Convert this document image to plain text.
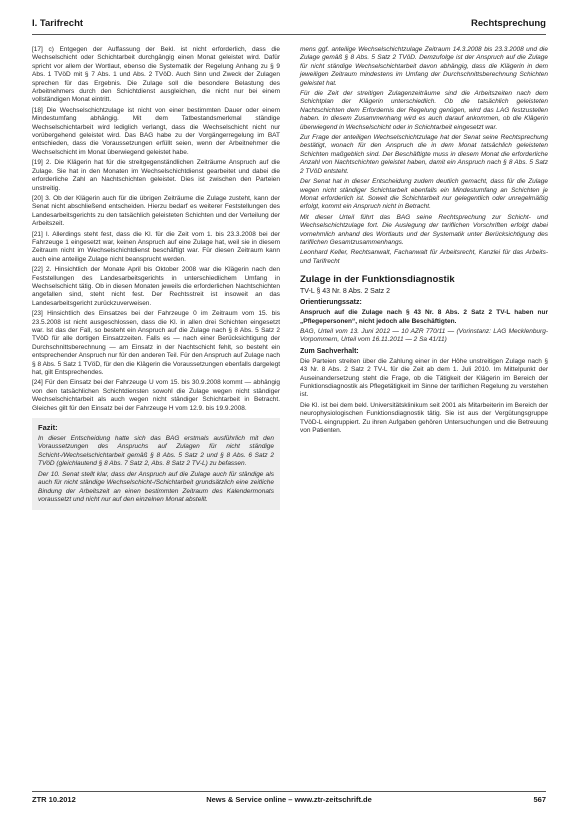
I. Tarifrecht	Rechtsprechung

[17] c) Entgegen der Auffassung der Bekl. ist nicht erforderlich, dass die Wechselschicht oder Schichtarbeit durchgängig einen Monat geleistet wird. Dafür spricht vor allem der Wortlaut, ebenso die Systematik der Regelung Anhang zu § 9 Abs. 1 TVöD mit § 7 Abs. 1 und Abs. 2 TVöD. Auch Sinn und Zweck der Zulagen sprechen für das Ergebnis. Die Zulage soll die besondere Belastung des Arbeitnehmers durch den Schichtdienst ausgleichen, die nicht nur bei einem vollständigen Monat eintritt.

[18] Die Wechselschichtzulage ist nicht von einer bestimmten Dauer oder einem Mindestumfang abhängig. Mit dem Tatbestandsmerkmal ständige Wechselschichtarbeit wird lediglich verlangt, dass die Wechselschicht nicht nur vorübergehend geleistet wird. Das BAG habe zu der Vorgängerregelung im BAT entschieden, dass die Voraussetzungen erfüllt seien, wenn der Arbeitnehmer die Wechselschicht im Monat überwiegend geleistet habe.

[19] 2. Die Klägerin hat für die streitgegenständlichen Zeiträume Anspruch auf die Zulage. Sie hat in den Monaten im Wechselschichtdienst gearbeitet und dabei die erforderliche Zahl an Nachtschichten geleistet. Dies ist zwischen den Parteien unstreitig.

[20] 3. Ob der Klägerin auch für die übrigen Zeiträume die Zulage zusteht, kann der Senat nicht abschließend entscheiden. Hierzu bedarf es weiterer Feststellungen des Landesarbeitsgerichts zu den tatsächlich geleisteten Schichten und der Verteilung der Arbeitszeit.

[21] I. Allerdings steht fest, dass die Kl. für die Zeit vom 1. bis 23.3.2008 bei der Fahrzeuge 1 eingesetzt war, keinen Anspruch auf eine Zulage hat, weil sie in diesem Zeitraum nicht im Wechselschichtdienst beschäftigt war. Für diesen Zeitraum kann auch eine anteilige Zulage nicht beansprucht werden.

[22] 2. Hinsichtlich der Monate April bis Oktober 2008 war die Klägerin nach den Feststellungen des Landesarbeitsgerichts in unterschiedlichem Umfang in Wechselschicht tätig. Ob in diesen Monaten jeweils die erforderlichen Nachtschichten angefallen sind, steht nicht fest. Der Rechtsstreit ist insoweit an das Landesarbeitsgericht zurückzuverweisen.

[23] Hinsichtlich des Einsatzes bei der Fahrzeuge 0 im Zeitraum vom 15. bis 23.5.2008 ist nicht ausgeschlossen, dass die Kl. in allen drei Schichten eingesetzt war. Ist das der Fall, so besteht ein Anspruch auf die Zulage nach § 8 Abs. 5 Satz 2 TVöD für alle dortigen Einsatzzeiten. Falls es — nach einer Berücksichtigung der Durchschnittsberechnung — am Einsatz in der Nachtschicht fehlt, so besteht ein entsprechender Anspruch nur für den anderen Teil. Für den Anspruch auf Zulage nach § 8 Abs. 5 Satz 1 TVöD, für den die Klägerin die Voraussetzungen ebenfalls dargelegt hat, gilt Entsprechendes.

[24] Für den Einsatz bei der Fahrzeuge U vom 15. bis 30.9.2008 kommt — abhängig von den tatsächlichen Schichtdiensten sowohl die Zulage wegen nicht ständiger Wechselschichtarbeit als auch wegen nicht ständiger Schichtarbeit in Betracht. Gleiches gilt für den Einsatz bei der Fahrzeuge H vom 12.9. bis 19.9.2008.

Fazit:

In dieser Entscheidung hatte sich das BAG erstmals ausführlich mit den Voraussetzungen des Anspruchs auf Zulagen für nicht ständige Schicht-/Wechselschichtarbeit gemäß § 8 Abs. 5 Satz 2 und § 8 Abs. 6 Satz 2 TVöD (gleichlautend § 8 Abs. 7 Satz 2, Abs. 8 Satz 2 TV-L) zu befassen.

Der 10. Senat stellt klar, dass der Anspruch auf die Zulage auch für ständige als auch für nicht ständige Wechselschicht-/Schichtarbeit grundsätzlich eine zeitliche Bindung der Arbeitszeit an einen bestimmten Zeitraum des Kalendermonats voraussetzt und nicht nur auf den einzelnen Monat abstellt.

mens ggf. anteilige Wechselschichtzulage Zeitraum 14.3.2008 bis 23.3.2008 und die Zulage gemäß § 8 Abs. 5 Satz 2 TVöD. Demzufolge ist der Anspruch auf die Zulage für nicht ständige Wechselschichtarbeit davon abhängig, dass die Klägerin in dem jeweiligen Zeitraum mindestens im Umfang der Durchschnittsberechnung Schichten geleistet hat.

Für die Zeit der streitigen Zulagenzeiträume sind die Arbeitszeiten nach dem Schichtplan der Klägerin unterschiedlich. Ob die tatsächlich geleisteten Nachtschichten dem Erfordernis der Regelung genügen, wird das LAG festzustellen haben. In diesem Zusammenhang wird es auch darauf ankommen, ob die Klägerin überwiegend in Wechselschicht oder in Schichtarbeit eingesetzt war.

Zur Frage der anteiligen Wechselschichtzulage hat der Senat seine Rechtsprechung bestätigt, wonach für den Anspruch die in dem Monat tatsächlich geleisteten Schichten maßgeblich sind. Der Beschäftigte muss in diesem Monat die erforderliche Anzahl von Nachtschichten geleistet haben, damit ein Anspruch nach § 8 Abs. 5 Satz 2 TVöD entsteht.

Der Senat hat in dieser Entscheidung zudem deutlich gemacht, dass für die Zulage wegen nicht ständiger Schichtarbeit ebenfalls ein Mindestumfang an Schichten je Monat erforderlich ist. Soweit die Schichtarbeit nur gelegentlich oder unregelmäßig erfolgt, kommt ein Anspruch nicht in Betracht.

Mit dieser Urteil führt das BAG seine Rechtsprechung zur Schicht- und Wechselschichtzulage fort. Die Auslegung der tariflichen Vorschriften erfolgt dabei vornehmlich anhand des Wortlauts und der Systematik unter Berücksichtigung des tariflichen Gesamtzusammenhangs.

Leonhard Keller, Rechtsanwalt, Fachanwalt für Arbeitsrecht, Kanzlei für das Arbeits- und Tarifrecht

Zulage in der Funktionsdiagnostik
TV-L § 43 Nr. 8 Abs. 2 Satz 2
Orientierungssatz:

Anspruch auf die Zulage nach § 43 Nr. 8 Abs. 2 Satz 2 TV-L haben nur „Pflegepersonen“, nicht jedoch alle Beschäftigten.

BAG, Urteil vom 13. Juni 2012 — 10 AZR 770/11 — (Vorinstanz: LAG Mecklenburg-Vorpommern, Urteil vom 16.11.2011 — 2 Sa 41/11)

Zum Sachverhalt:

Die Parteien streiten über die Zahlung einer in der Höhe unstreitigen Zulage nach § 43 Nr. 8 Abs. 2 Satz 2 TV-L für die Zeit ab dem 1. Juli 2010. Im Mittelpunkt der Auseinandersetzung steht die Frage, ob die Tätigkeit der Klägerin im Bereich der Funktionsdiagnostik als Pflegetätigkeit im Sinne der tariflichen Regelung zu verstehen ist.

Die Kl. ist bei dem bekl. Universitätsklinikum seit 2001 als Mitarbeiterin im Bereich der neurophysiologischen Funktionsdiagnostik tätig. Sie ist aus der Vergütungsgruppe TVöD-L eingruppiert. Zu ihren Aufgaben gehören Untersuchungen und die Betreuung von Patienten.

ZTR 10.2012	News & Service online – www.ztr-zeitschrift.de	567
